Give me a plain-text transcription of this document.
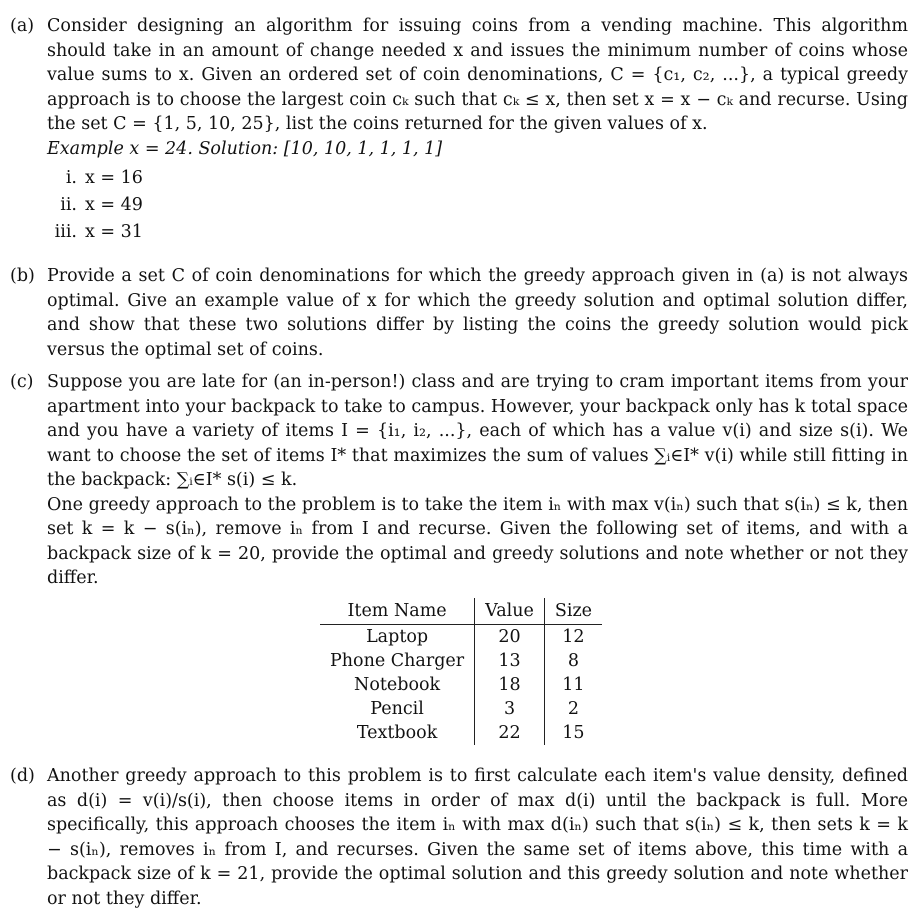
(a) Consider designing an algorithm for issuing coins from a vending machine. This algorithm should take in an amount of change needed x and issues the minimum number of coins whose value sums to x. Given an ordered set of coin denominations, C = {c₁, c₂, ...}, a typical greedy approach is to choose the largest coin cₖ such that cₖ ≤ x, then set x = x − cₖ and recurse. Using the set C = {1, 5, 10, 25}, list the coins returned for the given values of x.

Example x = 24. Solution: [10, 10, 1, 1, 1, 1]

i. x = 16
ii. x = 49
iii. x = 31
(b) Provide a set C of coin denominations for which the greedy approach given in (a) is not always optimal. Give an example value of x for which the greedy solution and optimal solution differ, and show that these two solutions differ by listing the coins the greedy solution would pick versus the optimal set of coins.

(c) Suppose you are late for (an in-person!) class and are trying to cram important items from your apartment into your backpack to take to campus. However, your backpack only has k total space and you have a variety of items I = {i₁, i₂, ...}, each of which has a value v(i) and size s(i). We want to choose the set of items I* that maximizes the sum of values ∑ᵢ∈I* v(i) while still fitting in the backpack: ∑ᵢ∈I* s(i) ≤ k.

One greedy approach to the problem is to take the item iₙ with max v(iₙ) such that s(iₙ) ≤ k, then set k = k − s(iₙ), remove iₙ from I and recurse. Given the following set of items, and with a backpack size of k = 20, provide the optimal and greedy solutions and note whether or not they differ.

Item Name	Value	Size
Laptop	20	12
Phone Charger	13	8
Notebook	18	11
Pencil	3	2
Textbook	22	15
(d) Another greedy approach to this problem is to first calculate each item's value density, defined as d(i) = v(i)/s(i), then choose items in order of max d(i) until the backpack is full. More specifically, this approach chooses the item iₙ with max d(iₙ) such that s(iₙ) ≤ k, then sets k = k − s(iₙ), removes iₙ from I, and recurses. Given the same set of items above, this time with a backpack size of k = 21, provide the optimal solution and this greedy solution and note whether or not they differ.
